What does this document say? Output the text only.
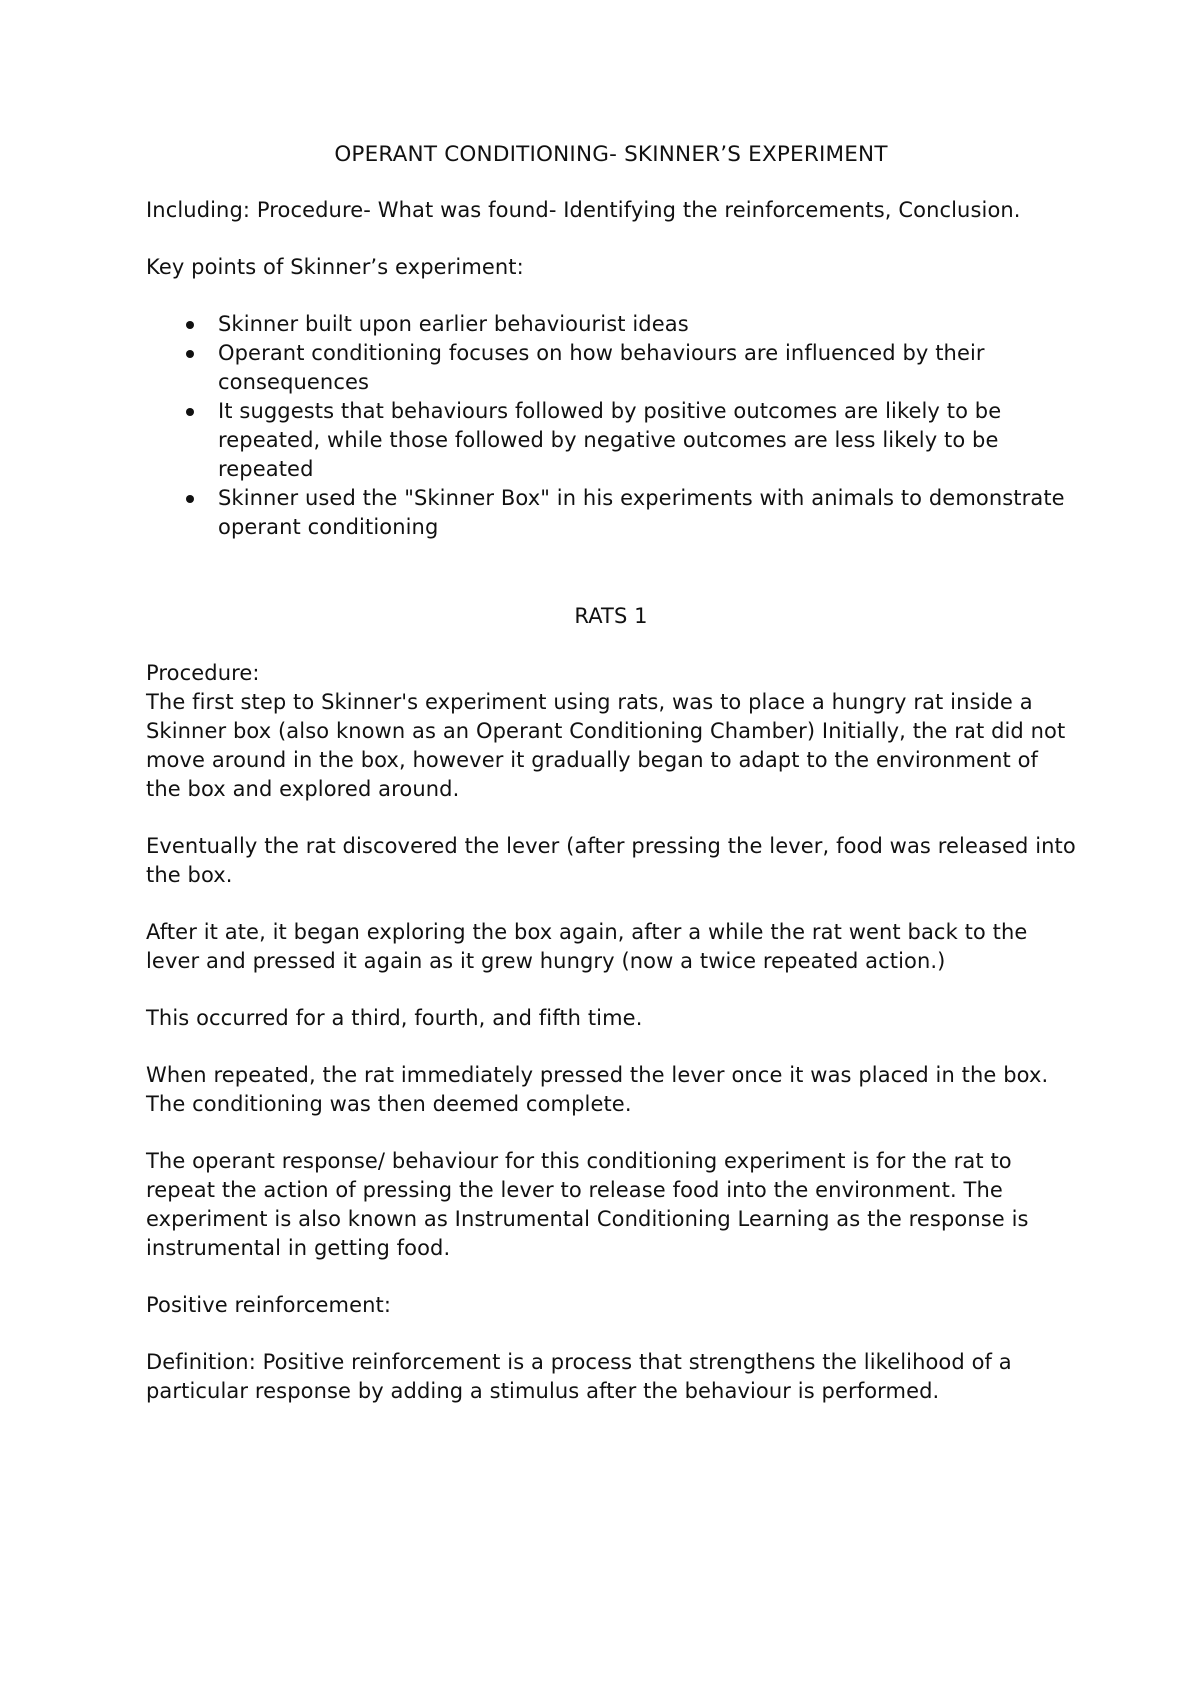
OPERANT CONDITIONING- SKINNER’S EXPERIMENT

Including: Procedure- What was found- Identifying the reinforcements, Conclusion.

Key points of Skinner’s experiment:

Skinner built upon earlier behaviourist ideas
Operant conditioning focuses on how behaviours are influenced by their consequences
It suggests that behaviours followed by positive outcomes are likely to be repeated, while those followed by negative outcomes are less likely to be repeated
Skinner used the "Skinner Box" in his experiments with animals to demonstrate operant conditioning
RATS 1

Procedure:

The first step to Skinner's experiment using rats, was to place a hungry rat inside a Skinner box (also known as an Operant Conditioning Chamber) Initially, the rat did not move around in the box, however it gradually began to adapt to the environment of the box and explored around.

Eventually the rat discovered the lever (after pressing the lever, food was released into the box.

After it ate, it began exploring the box again, after a while the rat went back to the lever and pressed it again as it grew hungry (now a twice repeated action.)

This occurred for a third, fourth, and fifth time.

When repeated, the rat immediately pressed the lever once it was placed in the box. The conditioning was then deemed complete.

The operant response/ behaviour for this conditioning experiment is for the rat to repeat the action of pressing the lever to release food into the environment. The experiment is also known as Instrumental Conditioning Learning as the response is instrumental in getting food.

Positive reinforcement:

Definition: Positive reinforcement is a process that strengthens the likelihood of a particular response by adding a stimulus after the behaviour is performed.
